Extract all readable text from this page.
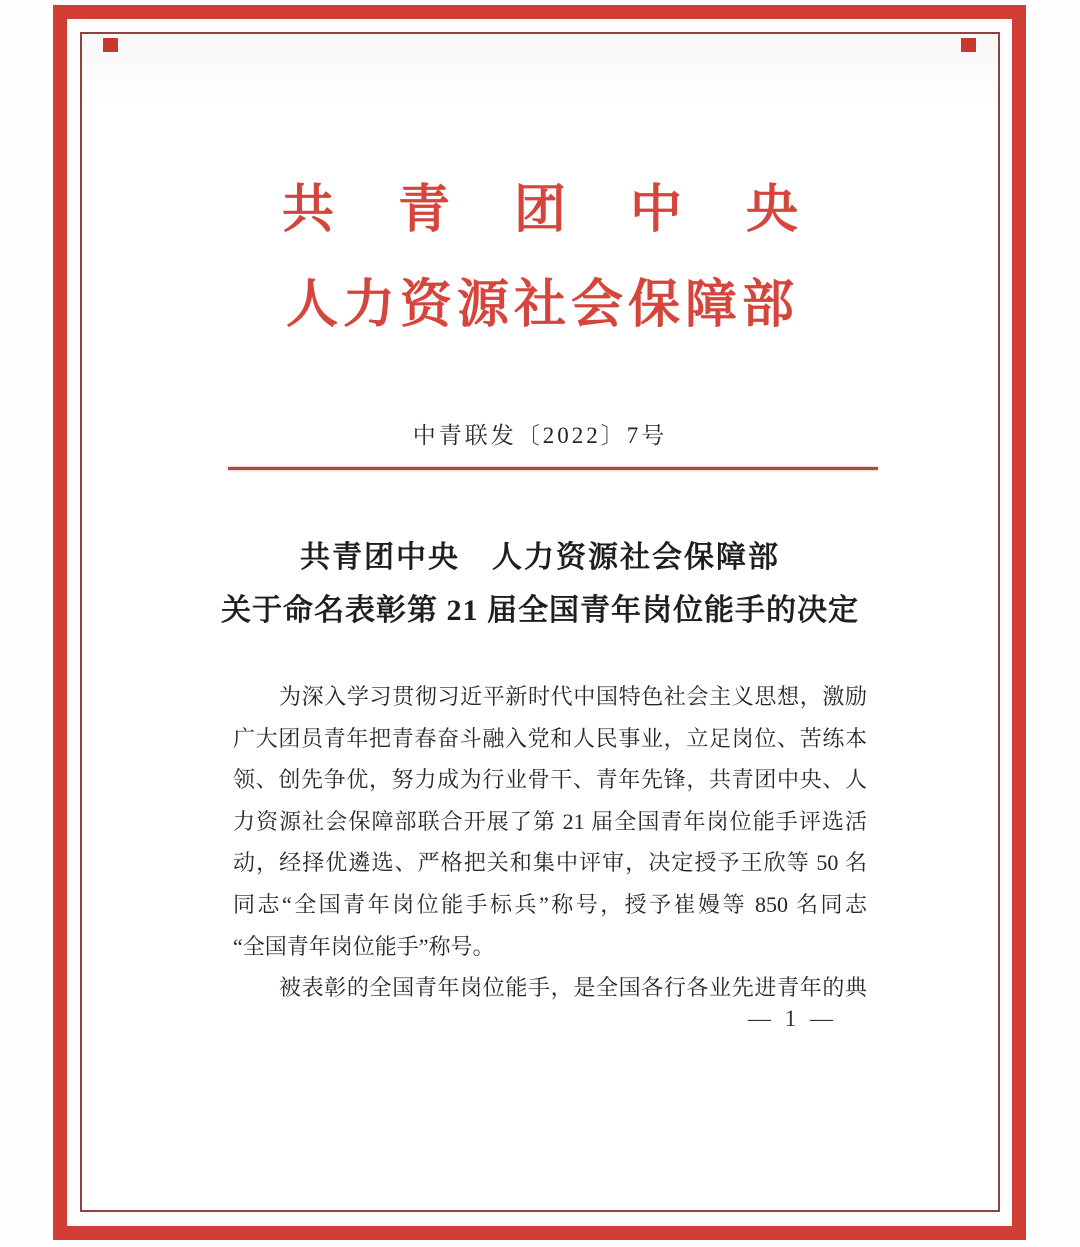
共青团中央
人力资源社会保障部
中青联发〔2022〕7号
共青团中央　人力资源社会保障部
关于命名表彰第 21 届全国青年岗位能手的决定
为深入学习贯彻习近平新时代中国特色社会主义思想，激励
广大团员青年把青春奋斗融入党和人民事业，立足岗位、苦练本
领、创先争优，努力成为行业骨干、青年先锋，共青团中央、人
力资源社会保障部联合开展了第 21 届全国青年岗位能手评选活
动，经择优遴选、严格把关和集中评审，决定授予王欣等 50 名
同志“全国青年岗位能手标兵”称号，授予崔嫚等 850 名同志
“全国青年岗位能手”称号。
被表彰的全国青年岗位能手，是全国各行各业先进青年的典
— 1 —
